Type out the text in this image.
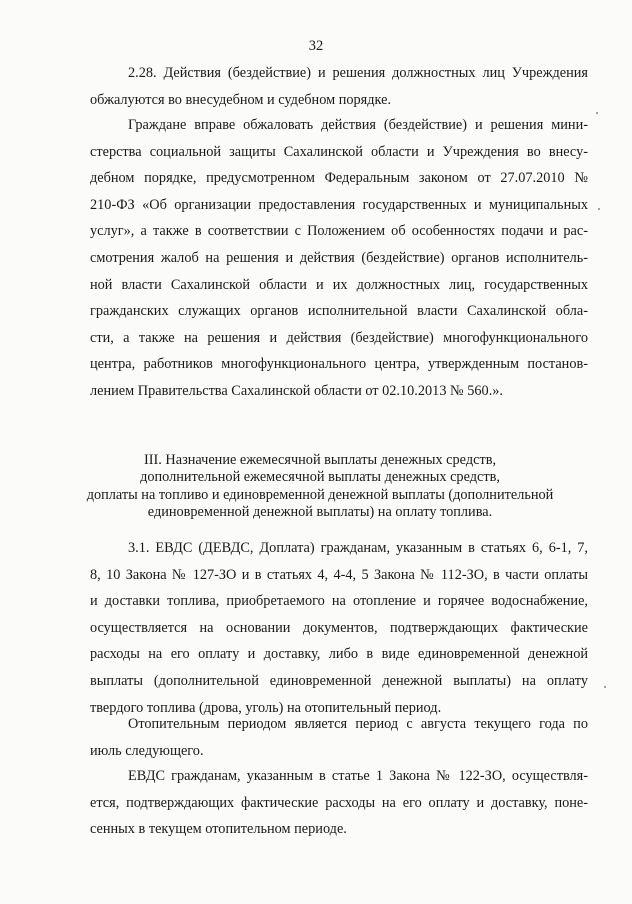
32
2.28. Действия (бездействие) и решения должностных лиц Учреждения
обжалуются во внесудебном и судебном порядке.
Граждане вправе обжаловать действия (бездействие) и решения мини-
стерства социальной защиты Сахалинской области и Учреждения во внесу-
дебном порядке, предусмотренном Федеральным законом от 27.07.2010 №
210-ФЗ «Об организации предоставления государственных и муниципальных
услуг», а также в соответствии с Положением об особенностях подачи и рас-
смотрения жалоб на решения и действия (бездействие) органов исполнитель-
ной власти Сахалинской области и их должностных лиц, государственных
гражданских служащих органов исполнительной власти Сахалинской обла-
сти, а также на решения и действия (бездействие) многофункционального
центра, работников многофункционального центра, утвержденным постанов-
лением Правительства Сахалинской области от 02.10.2013 № 560.».
III. Назначение ежемесячной выплаты денежных средств,
дополнительной ежемесячной выплаты денежных средств,
доплаты на топливо и единовременной денежной выплаты (дополнительной
единовременной денежной выплаты) на оплату топлива.
3.1. ЕВДС (ДЕВДС, Доплата) гражданам, указанным в статьях 6, 6-1, 7,
8, 10 Закона № 127-ЗО и в статьях 4, 4-4, 5 Закона № 112-ЗО, в части оплаты
и доставки топлива, приобретаемого на отопление и горячее водоснабжение,
осуществляется на основании документов, подтверждающих фактические
расходы на его оплату и доставку, либо в виде единовременной денежной
выплаты (дополнительной единовременной денежной выплаты) на оплату
твердого топлива (дрова, уголь) на отопительный период.
Отопительным периодом является период с августа текущего года по
июль следующего.
ЕВДС гражданам, указанным в статье 1 Закона № 122-ЗО, осуществля-
ется, подтверждающих фактические расходы на его оплату и доставку, поне-
сенных в текущем отопительном периоде.
